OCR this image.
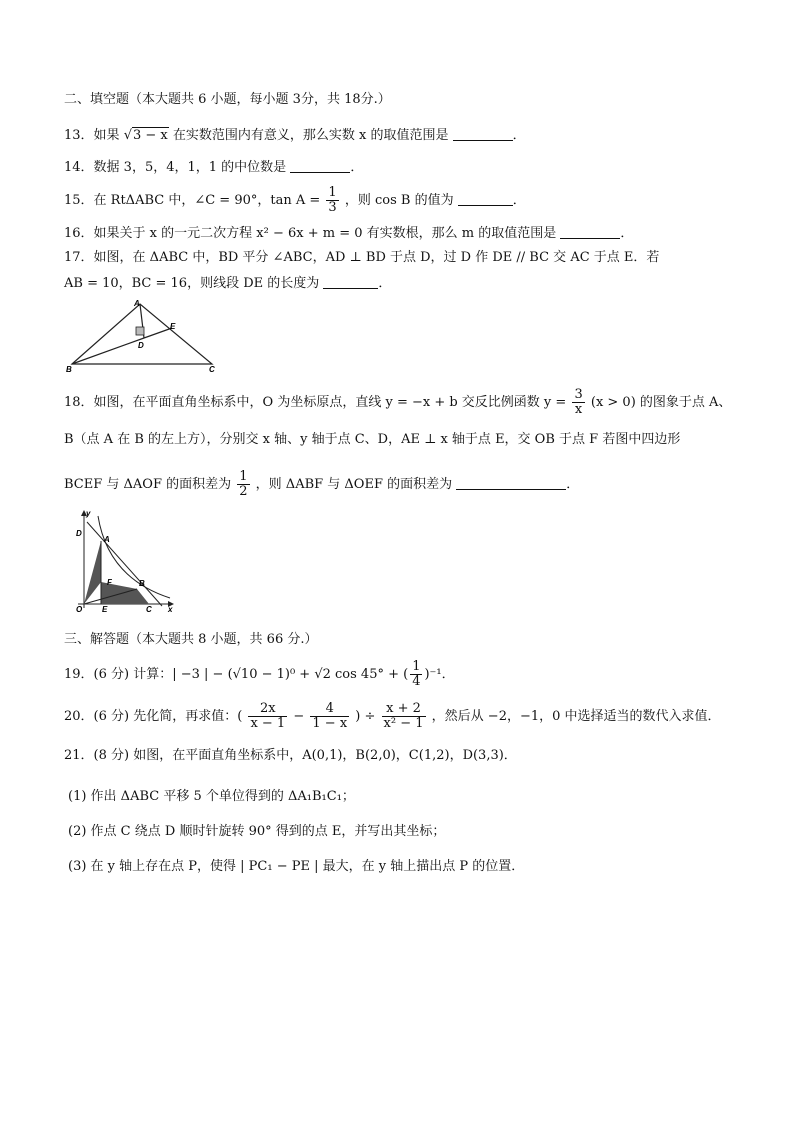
二、填空题（本大题共 6 小题，每小题 3分，共 18分.）
13．如果 √3 − x 在实数范围内有意义，那么实数 x 的取值范围是	．
14．数据 3，5，4，1，1 的中位数是	．
15．在 RtΔABC 中，∠C = 90°，$\tan A = \frac{1}{3}$ ，则 cos B 的值为	．
16．如果关于 x 的一元二次方程 x² − 6x + m = 0 有实数根，那么 m 的取值范围是	．
17．如图，在 ΔABC 中，BD 平分 ∠ABC，AD ⊥ BD 于点 D，过 D 作 DE // BC 交 AC 于点 E．若
AB = 10，BC = 16，则线段 DE 的长度为	．
A
D
E
B	C
18．如图，在平面直角坐标系中，O 为坐标原点，直线 y = −x + b 交反比例函数 $y = \frac{3}{x} (x > 0)$ 的图象于点 A、
B（点 A 在 B 的左上方），分别交 x 轴、y 轴于点 C、D，AE ⊥ x 轴于点 E，交 OB 于点 F 若图中四边形
BCEF 与 ΔAOF 的面积差为 $\frac{1}{2}$ ，则 ΔABF 与 ΔOEF 的面积差为	．
y
D
A
F	B
O E	C x
三、解答题（本大题共 8 小题，共 66 分.）
19．(6 分) 计算：| −3 | − (√10 − 1)⁰ + √2 cos 45° + ( $\frac{1}{4} )^{-1}$．
20．(6 分) 先化简，再求值：( $\frac{2x}{x - 1} - \frac{4}{1 - x}$ ) ÷ $\frac{x + 2}{\text{x² − 1}}$ ，然后从 −2，−1，0 中选择适当的数代入求值．
21．(8 分) 如图，在平面直角坐标系中，A(0,1)，B(2,0)，C(1,2)，D(3,3)．
(1) 作出 ΔABC 平移 5 个单位得到的 ΔA₁B₁C₁；
(2) 作点 C 绕点 D 顺时针旋转 90° 得到的点 E，并写出其坐标；
(3) 在 y 轴上存在点 P，使得 | PC₁ − PE | 最大，在 y 轴上描出点 P 的位置．
